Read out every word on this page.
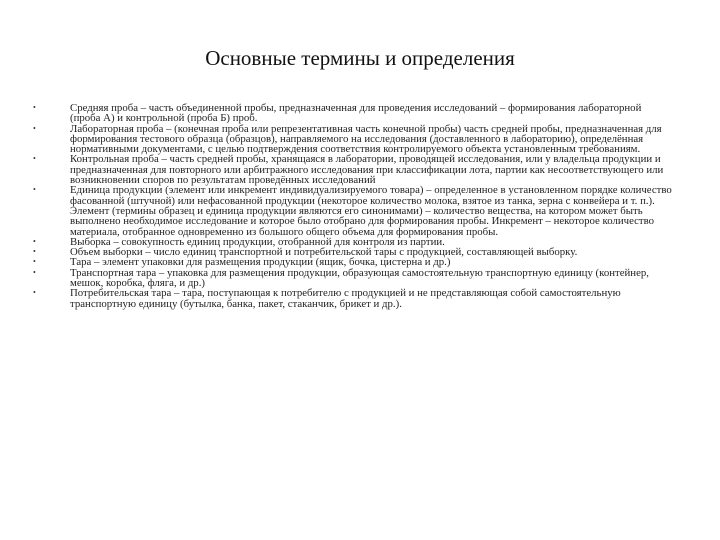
Основные термины и определения
•	Средняя проба – часть объединенной пробы, предназначенная для проведения исследований – формирования лабораторной (проба А) и контрольной (проба Б) проб.
•	Лабораторная проба – (конечная проба или репрезентативная часть конечной пробы) часть средней пробы, предназначенная для формирования тестового образца (образцов), направляемого на исследования (доставленного в лабораторию), определённая нормативными документами, с целью подтверждения соответствия контролируемого объекта установленным требованиям.
•	Контрольная проба – часть средней пробы, хранящаяся в лаборатории, проводящей исследования, или у владельца продукции и предназначенная для повторного или арбитражного исследования при классификации лота, партии как несоответствующего или возникновении споров по результатам проведённых исследований
•	Единица продукции (элемент или инкремент индивидуализируемого товара) – определенное в установленном порядке количество фасованной (штучной) или нефасованной продукции (некоторое количество молока, взятое из танка, зерна с конвейера и т. п.). Элемент (термины образец и единица продукции являются его синонимами) – количество вещества, на котором может быть выполнено необходимое исследование и которое было отобрано для формирования пробы. Инкремент – некоторое количество материала, отобранное одновременно из большого общего объема для формирования пробы.
•	Выборка – совокупность единиц продукции, отобранной для контроля из партии.
•	Объем выборки – число единиц транспортной и потребительской тары с продукцией, составляющей выборку.
•	Тара – элемент упаковки для размещения продукции (ящик, бочка, цистерна и др.)
•	Транспортная тара – упаковка для размещения продукции, образующая самостоятельную транспортную единицу (контейнер, мешок, коробка, фляга, и др.)
•	Потребительская тара – тара, поступающая к потребителю с продукцией и не представляющая собой самостоятельную транспортную единицу (бутылка, банка, пакет, стаканчик, брикет и др.).
